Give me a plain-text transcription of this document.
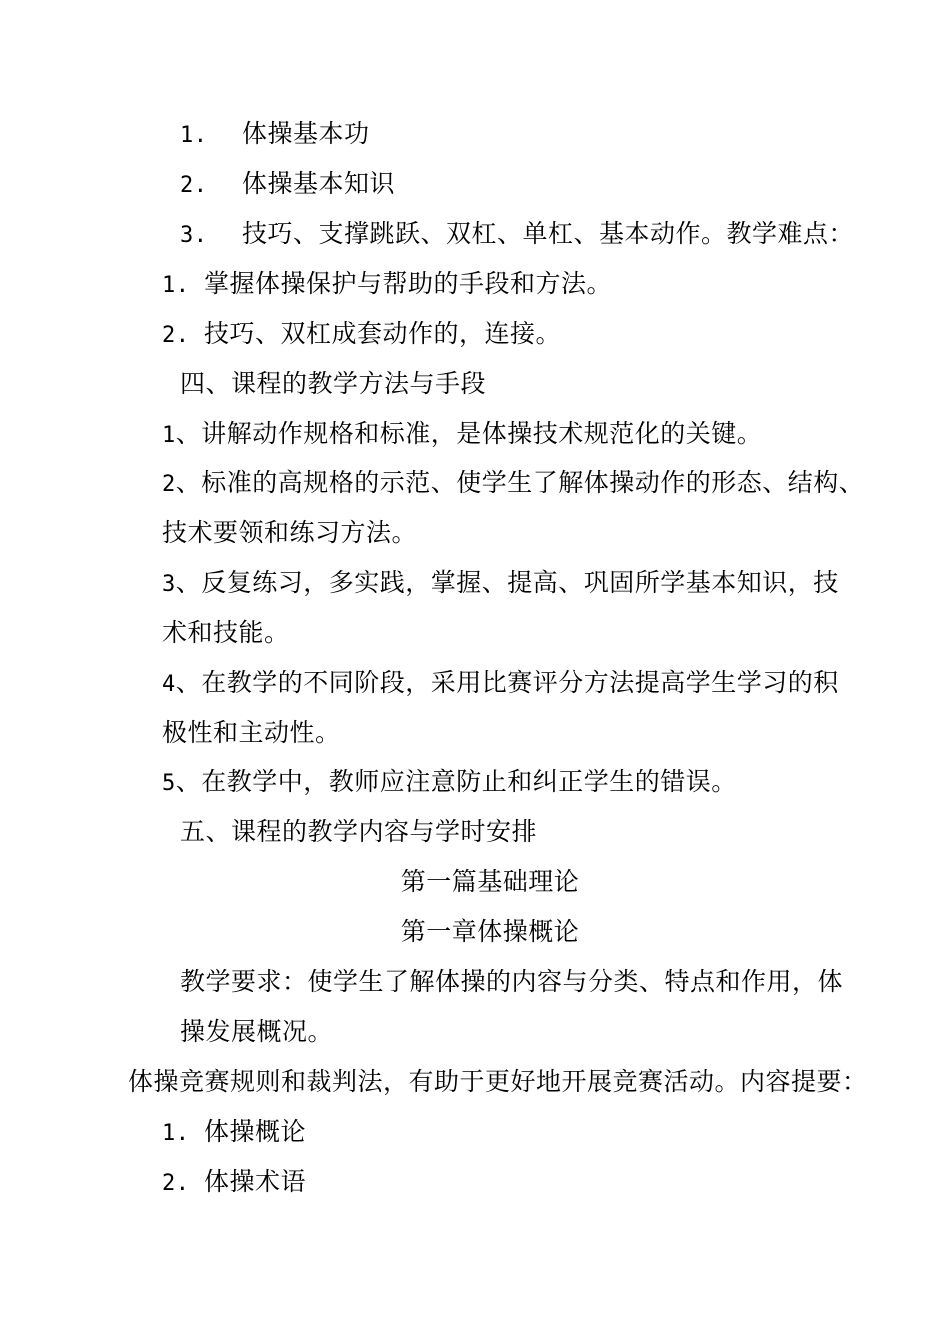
1. 体操基本功
2. 体操基本知识
3. 技巧、支撑跳跃、双杠、单杠、基本动作。教学难点：
1. 掌握体操保护与帮助的手段和方法。
2. 技巧、双杠成套动作的，连接。
四、课程的教学方法与手段
1、讲解动作规格和标准，是体操技术规范化的关键。
2、标准的高规格的示范、使学生了解体操动作的形态、结构、
技术要领和练习方法。
3、反复练习，多实践，掌握、提高、巩固所学基本知识，技
术和技能。
4、在教学的不同阶段，采用比赛评分方法提高学生学习的积
极性和主动性。
5、在教学中，教师应注意防止和纠正学生的错误。
五、课程的教学内容与学时安排
第一篇基础理论
第一章体操概论
教学要求：使学生了解体操的内容与分类、特点和作用，体
操发展概况。
体操竞赛规则和裁判法，有助于更好地开展竞赛活动。内容提要：
1. 体操概论
2. 体操术语
